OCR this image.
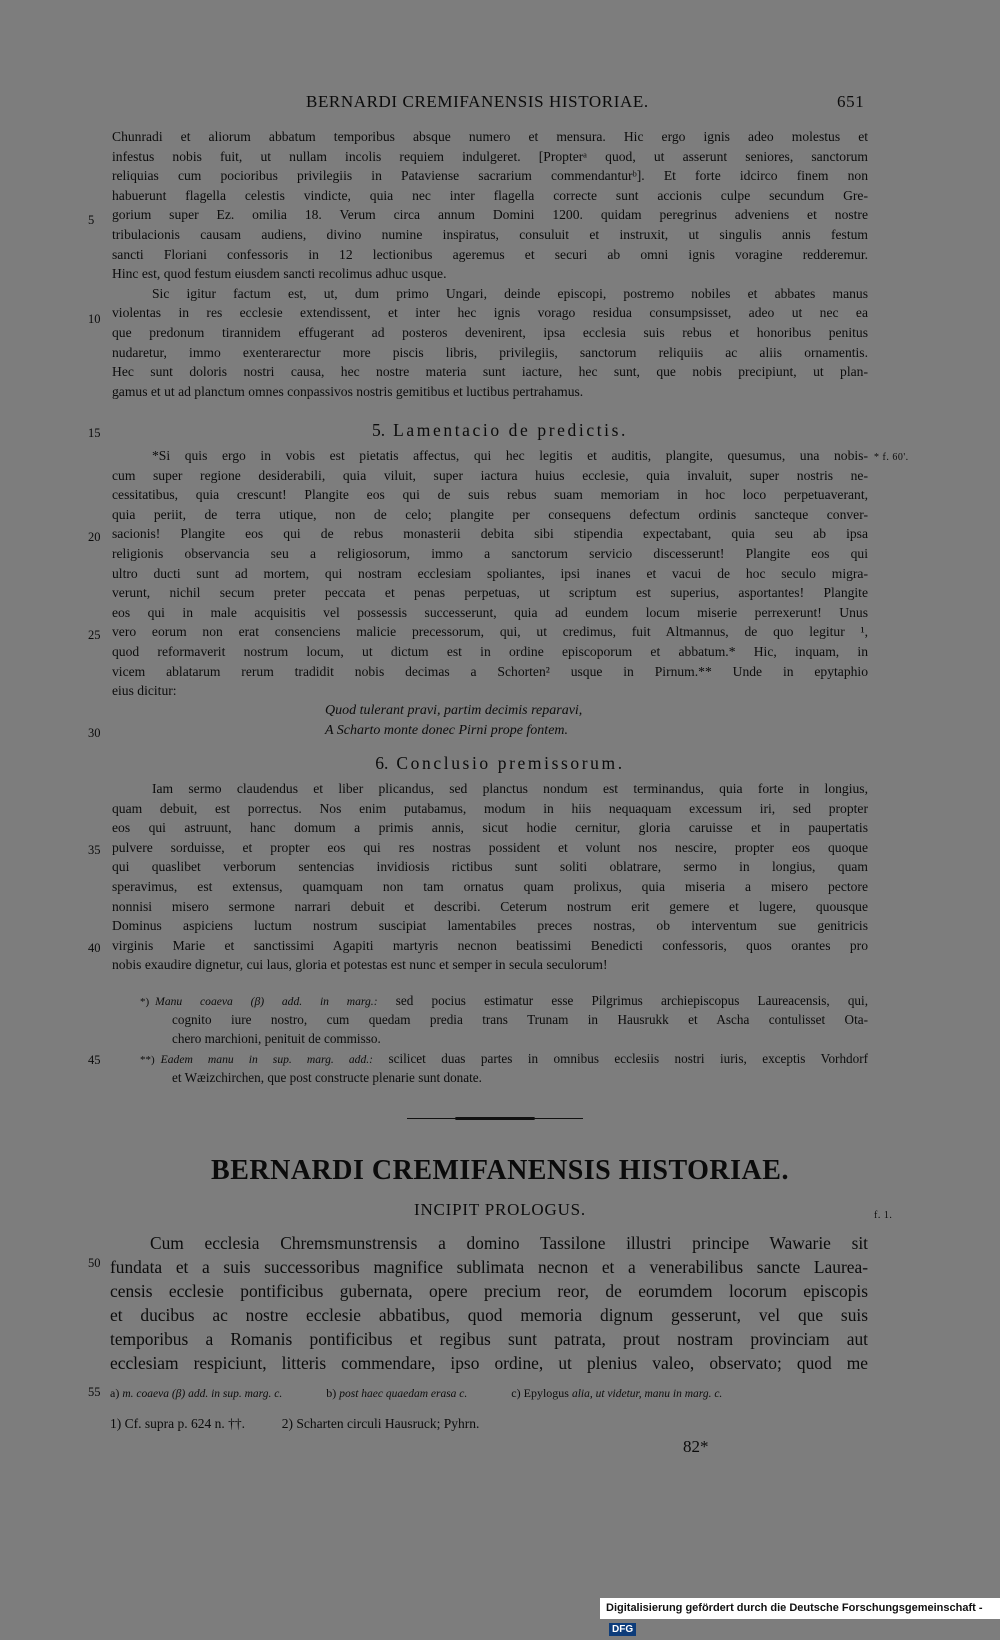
BERNARDI CREMIFANENSIS HISTORIAE.	651
Chunradi et aliorum abbatum temporibus absque numero et mensura. Hic ergo ignis adeo molestus et
infestus nobis fuit, ut nullam incolis requiem indulgeret. [Propterᵃ quod, ut asserunt seniores, sanctorum
reliquias cum pocioribus privilegiis in Pataviense sacrarium commendanturᵇ]. Et forte idcirco finem non
habuerunt flagella celestis vindicte, quia nec inter flagella correcte sunt accionis culpe secundum Gre-
gorium super Ez. omilia 18. Verum circa annum Domini 1200. quidam peregrinus adveniens et nostre
tribulacionis causam audiens, divino numine inspiratus, consuluit et instruxit, ut singulis annis festum
sancti Floriani confessoris in 12 lectionibus ageremus et securi ab omni ignis voragine redderemur.
Hinc est, quod festum eiusdem sancti recolimus adhuc usque.
Sic igitur factum est, ut, dum primo Ungari, deinde episcopi, postremo nobiles et abbates manus
violentas in res ecclesie extendissent, et inter hec ignis vorago residua consumpsisset, adeo ut nec ea
que predonum tirannidem effugerant ad posteros devenirent, ipsa ecclesia suis rebus et honoribus penitus
nudaretur, immo exenterarectur more piscis libris, privilegiis, sanctorum reliquiis ac aliis ornamentis.
Hec sunt doloris nostri causa, hec nostre materia sunt iacture, hec sunt, que nobis precipiunt, ut plan-
gamus et ut ad planctum omnes conpassivos nostris gemitibus et luctibus pertrahamus.
5. Lamentacio de predictis.
*Si quis ergo in vobis est pietatis affectus, qui hec legitis et auditis, plangite, quesumus, una nobis-
cum super regione desiderabili, quia viluit, super iactura huius ecclesie, quia invaluit, super nostris ne-
cessitatibus, quia crescunt! Plangite eos qui de suis rebus suam memoriam in hoc loco perpetuaverant,
quia periit, de terra utique, non de celo; plangite per consequens defectum ordinis sancteque conver-
sacionis! Plangite eos qui de rebus monasterii debita sibi stipendia expectabant, quia seu ab ipsa
religionis observancia seu a religiosorum, immo a sanctorum servicio discesserunt! Plangite eos qui
ultro ducti sunt ad mortem, qui nostram ecclesiam spoliantes, ipsi inanes et vacui de hoc seculo migra-
verunt, nichil secum preter peccata et penas perpetuas, ut scriptum est superius, asportantes! Plangite
eos qui in male acquisitis vel possessis successerunt, quia ad eundem locum miserie perrexerunt! Unus
vero eorum non erat consenciens malicie precessorum, qui, ut credimus, fuit Altmannus, de quo legitur ¹,
quod reformaverit nostrum locum, ut dictum est in ordine episcoporum et abbatum.* Hic, inquam, in
vicem ablatarum rerum tradidit nobis decimas a Schorten² usque in Pirnum.** Unde in epytaphio
eius dicitur:
Quod tulerant pravi, partim decimis reparavi,
A Scharto monte donec Pirni prope fontem.
6. Conclusio premissorum.
Iam sermo claudendus et liber plicandus, sed planctus nondum est terminandus, quia forte in longius,
quam debuit, est porrectus. Nos enim putabamus, modum in hiis nequaquam excessum iri, sed propter
eos qui astruunt, hanc domum a primis annis, sicut hodie cernitur, gloria caruisse et in paupertatis
pulvere sorduisse, et propter eos qui res nostras possident et volunt nos nescire, propter eos quoque
qui quaslibet verborum sentencias invidiosis rictibus sunt soliti oblatrare, sermo in longius, quam
speravimus, est extensus, quamquam non tam ornatus quam prolixus, quia miseria a misero pectore
nonnisi misero sermone narrari debuit et describi. Ceterum nostrum erit gemere et lugere, quousque
Dominus aspiciens luctum nostrum suscipiat lamentabiles preces nostras, ob interventum sue genitricis
virginis Marie et sanctissimi Agapiti martyris necnon beatissimi Benedicti confessoris, quos orantes pro
nobis exaudire dignetur, cui laus, gloria et potestas est nunc et semper in secula seculorum!
*) Manu coaeva (β) add. in marg.: sed pocius estimatur esse Pilgrimus archiepiscopus Laureacensis, qui,
cognito iure nostro, cum quedam predia trans Trunam in Hausrukk et Ascha contulisset Ota-
chero marchioni, penituit de commisso.
**) Eadem manu in sup. marg. add.: scilicet duas partes in omnibus ecclesiis nostri iuris, exceptis Vorhdorf
et Wæizchirchen, que post constructe plenarie sunt donate.
5
10
15
20
25
30
35
40
45
50
55
* f. 60'.
f. 1.
BERNARDI CREMIFANENSIS HISTORIAE.
INCIPIT PROLOGUS.
Cum ecclesia Chremsmunstrensis a domino Tassilone illustri principe Wawarie sit
fundata et a suis successoribus magnifice sublimata necnon et a venerabilibus sancte Laurea-
censis ecclesie pontificibus gubernata, opere precium reor, de eorumdem locorum episcopis
et ducibus ac nostre ecclesie abbatibus, quod memoria dignum gesserunt, vel que suis
temporibus a Romanis pontificibus et regibus sunt patrata, prout nostram provinciam aut
ecclesiam respiciunt, litteris commendare, ipso ordine, ut plenius valeo, observato; quod me
a) m. coaeva (β) add. in sup. marg. c.	b) post haec quaedam erasa c.	c) Epylogus alia, ut videtur, manu in marg. c.
1) Cf. supra p. 624 n. ††.	2) Scharten circuli Hausruck; Pyhrn.
82*
Digitalisierung gefördert durch die Deutsche Forschungsgemeinschaft -DFG
